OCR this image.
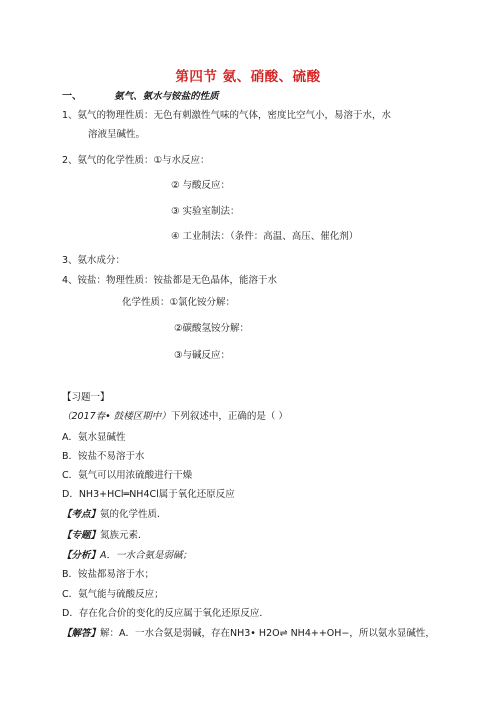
第四节 氨、硝酸、硫酸
一、	氨气、氨水与铵盐的性质
1、氨气的物理性质：无色有刺激性气味的气体，密度比空气小，易溶于水，水
溶液呈碱性。
2、氨气的化学性质：①与水反应：
② 与酸反应：
③ 实验室制法：
④ 工业制法：（条件：高温、高压、催化剂）
3、氨水成分：
4、铵盐：物理性质：铵盐都是无色晶体，能溶于水
化学性质：①氯化铵分解：
②碳酸氢铵分解：
③与碱反应：
【习题一】
（2017春• 鼓楼区期中）下列叙述中，正确的是（ ）
A．氨水显碱性
B．铵盐不易溶于水
C．氨气可以用浓硫酸进行干燥
D．NH3+HCl═NH4Cl属于氧化还原反应
【考点】氨的化学性质．
【专题】氮族元素．
【分析】A．一水合氨是弱碱；
B．铵盐都易溶于水；
C．氨气能与硫酸反应；
D．存在化合价的变化的反应属于氧化还原反应．
【解答】解：A．一水合氨是弱碱，存在NH3• H2O⇌ NH4++OH−，所以氨水显碱性，
